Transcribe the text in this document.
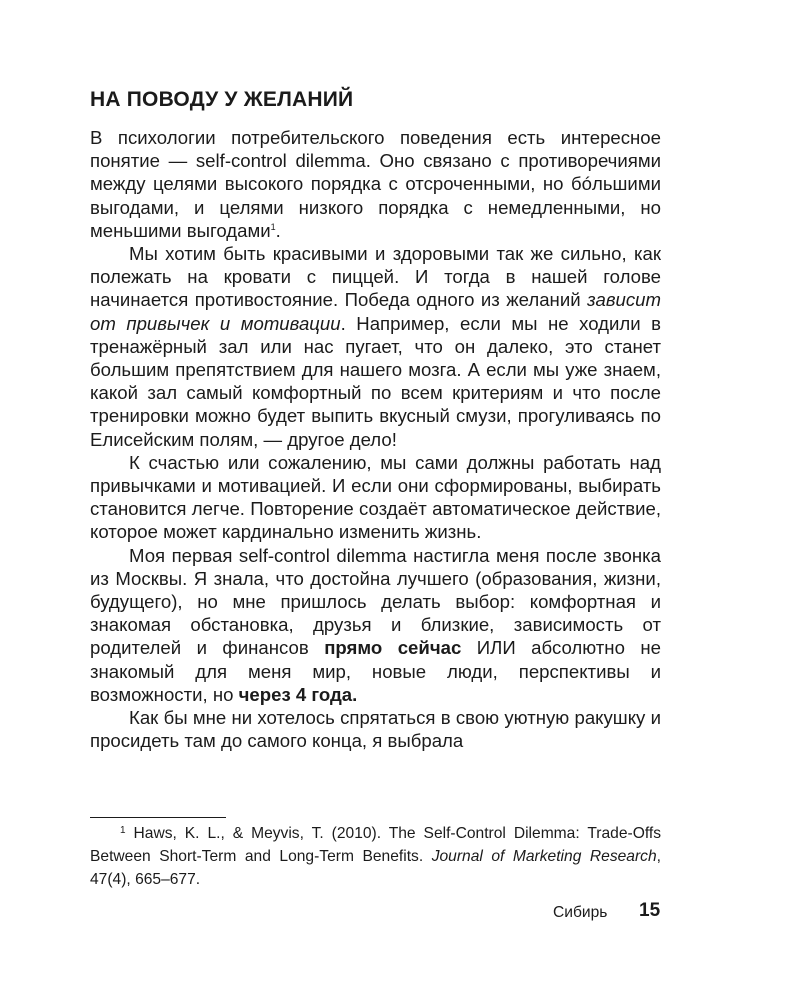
НА ПОВОДУ У ЖЕЛАНИЙ

В психологии потребительского поведения есть интересное понятие — self-control dilemma. Оно связано с противоречиями между целями высокого порядка с отсроченными, но бóльшими выгодами, и целями низкого порядка с немедленными, но меньшими выгодами$^1$.

Мы хотим быть красивыми и здоровыми так же сильно, как полежать на кровати с пиццей. И тогда в нашей голове начинается противостояние. Победа одного из желаний зависит от привычек и мотивации. Например, если мы не ходили в тренажёрный зал или нас пугает, что он далеко, это станет большим препятствием для нашего мозга. А если мы уже знаем, какой зал самый комфортный по всем критериям и что после тренировки можно будет выпить вкусный смузи, прогуливаясь по Елисейским полям, — другое дело!

К счастью или сожалению, мы сами должны работать над привычками и мотивацией. И если они сформированы, выбирать становится легче. Повторение создаёт автоматическое действие, которое может кардинально изменить жизнь.

Моя первая self-control dilemma настигла меня после звонка из Москвы. Я знала, что достойна лучшего (образования, жизни, будущего), но мне пришлось делать выбор: комфортная и знакомая обстановка, друзья и близкие, зависимость от родителей и финансов прямо сейчас ИЛИ абсолютно не знакомый для меня мир, новые люди, перспективы и возможности, но через 4 года.

Как бы мне ни хотелось спрятаться в свою уютную ракушку и просидеть там до самого конца, я выбрала

$^1$ Haws, K. L., & Meyvis, T. (2010). The Self-Control Dilemma: Trade-Offs Between Short-Term and Long-Term Benefits. Journal of Marketing Research, 47(4), 665–677.

Сибирь 15
